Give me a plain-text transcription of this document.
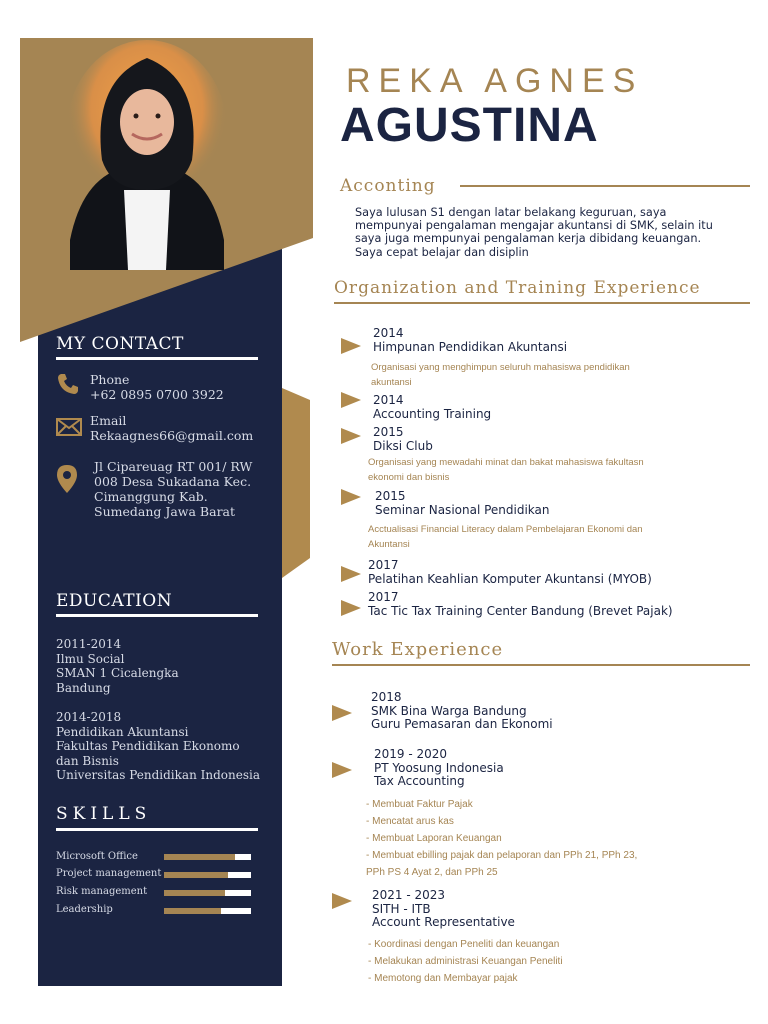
MY CONTACT
Phone
+62 0895 0700 3922
Email
Rekaagnes66@gmail.com
Jl Cipareuag RT 001/ RW
008 Desa Sukadana Kec.
Cimanggung Kab.
Sumedang Jawa Barat
EDUCATION
2011-2014
Ilmu Social
SMAN 1 Cicalengka
Bandung
2014-2018
Pendidikan Akuntansi
Fakultas Pendidikan Ekonomo
dan Bisnis
Universitas Pendidikan Indonesia
SKILLS
Microsoft Office
Project management
Risk management
Leadership
REKA AGNES
AGUSTINA
Acconting
Saya lulusan S1 dengan latar belakang keguruan, saya
mempunyai pengalaman mengajar akuntansi di SMK, selain itu
saya juga mempunyai pengalaman kerja dibidang keuangan.
Saya cepat belajar dan disiplin
Organization and Training Experience
2014
Himpunan Pendidikan Akuntansi
Organisasi yang menghimpun seluruh mahasiswa pendidikan
akuntansi
2014
Accounting Training
2015
Diksi Club
Organisasi yang mewadahi minat dan bakat mahasiswa fakultasn
ekonomi dan bisnis
2015
Seminar Nasional Pendidikan
Acctualisasi Financial Literacy dalam Pembelajaran Ekonomi dan
Akuntansi
2017
Pelatihan Keahlian Komputer Akuntansi (MYOB)
2017
Tac Tic Tax Training Center Bandung (Brevet Pajak)
Work Experience
2018
SMK Bina Warga Bandung
Guru Pemasaran dan Ekonomi
2019 - 2020
PT Yoosung Indonesia
Tax Accounting
- Membuat Faktur Pajak
- Mencatat arus kas
- Membuat Laporan Keuangan
- Membuat ebilling pajak dan pelaporan dan PPh 21, PPh 23,
PPh PS 4 Ayat 2, dan PPh 25
2021 - 2023
SITH - ITB
Account Representative
- Koordinasi dengan Peneliti dan keuangan
- Melakukan administrasi Keuangan Peneliti
- Memotong dan Membayar pajak
